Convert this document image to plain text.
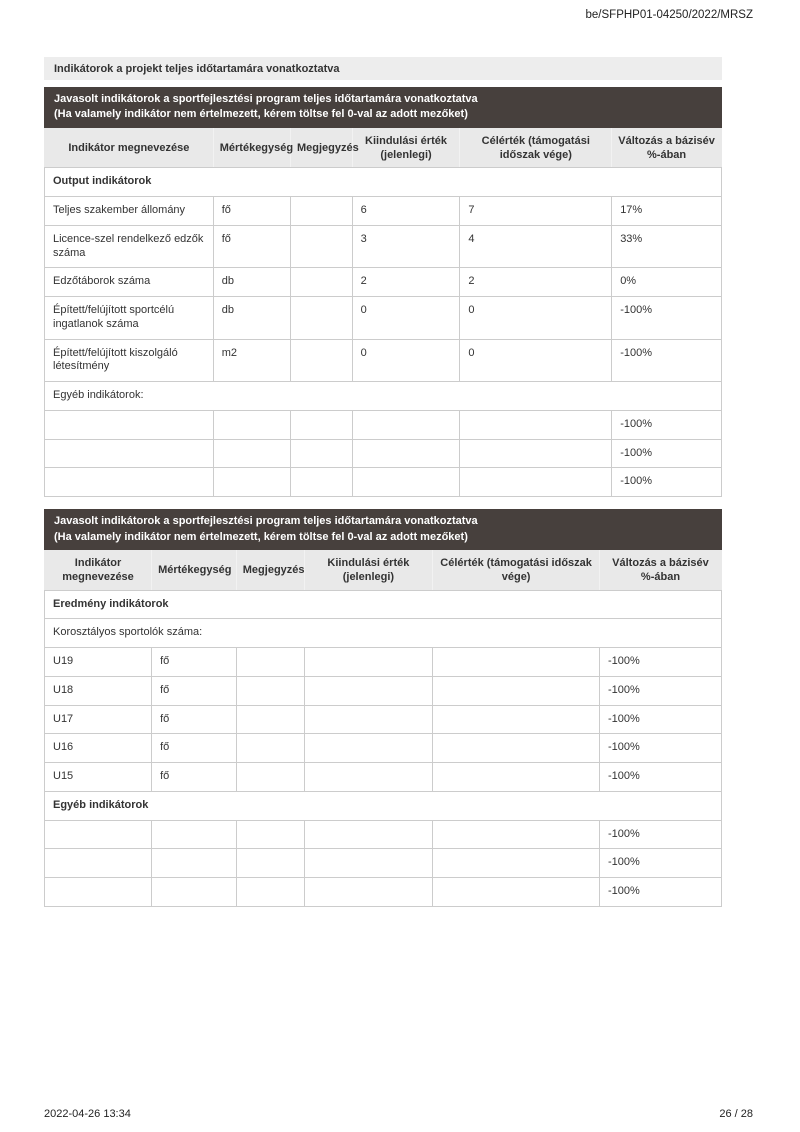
be/SFPHP01-04250/2022/MRSZ
Indikátorok a projekt teljes időtartamára vonatkoztatva
Javasolt indikátorok a sportfejlesztési program teljes időtartamára vonatkoztatva
(Ha valamely indikátor nem értelmezett, kérem töltse fel 0-val az adott mezőket)
Indikátor megnevezése	Mértékegység	Megjegyzés	Kiindulási érték (jelenlegi)	Célérték (támogatási időszak vége)	Változás a bázisév %-ában
Output indikátorok					
Teljes szakember állomány	fő		6	7	17%
Licence-szel rendelkező edzők száma	fő		3	4	33%
Edzőtáborok száma	db		2	2	0%
Épített/felújított sportcélú ingatlanok száma	db		0	0	-100%
Épített/felújított kiszolgáló létesítmény	m2		0	0	-100%
Egyéb indikátorok:					
					-100%
					-100%
					-100%
Javasolt indikátorok a sportfejlesztési program teljes időtartamára vonatkoztatva
(Ha valamely indikátor nem értelmezett, kérem töltse fel 0-val az adott mezőket)
Indikátor megnevezése	Mértékegység	Megjegyzés	Kiindulási érték (jelenlegi)	Célérték (támogatási időszak vége)	Változás a bázisév %-ában
Eredmény indikátorok					
Korosztályos sportolók száma:					
U19	fő				-100%
U18	fő				-100%
U17	fő				-100%
U16	fő				-100%
U15	fő				-100%
Egyéb indikátorok					
					-100%
					-100%
					-100%
2022-04-26 13:34	26 / 28
